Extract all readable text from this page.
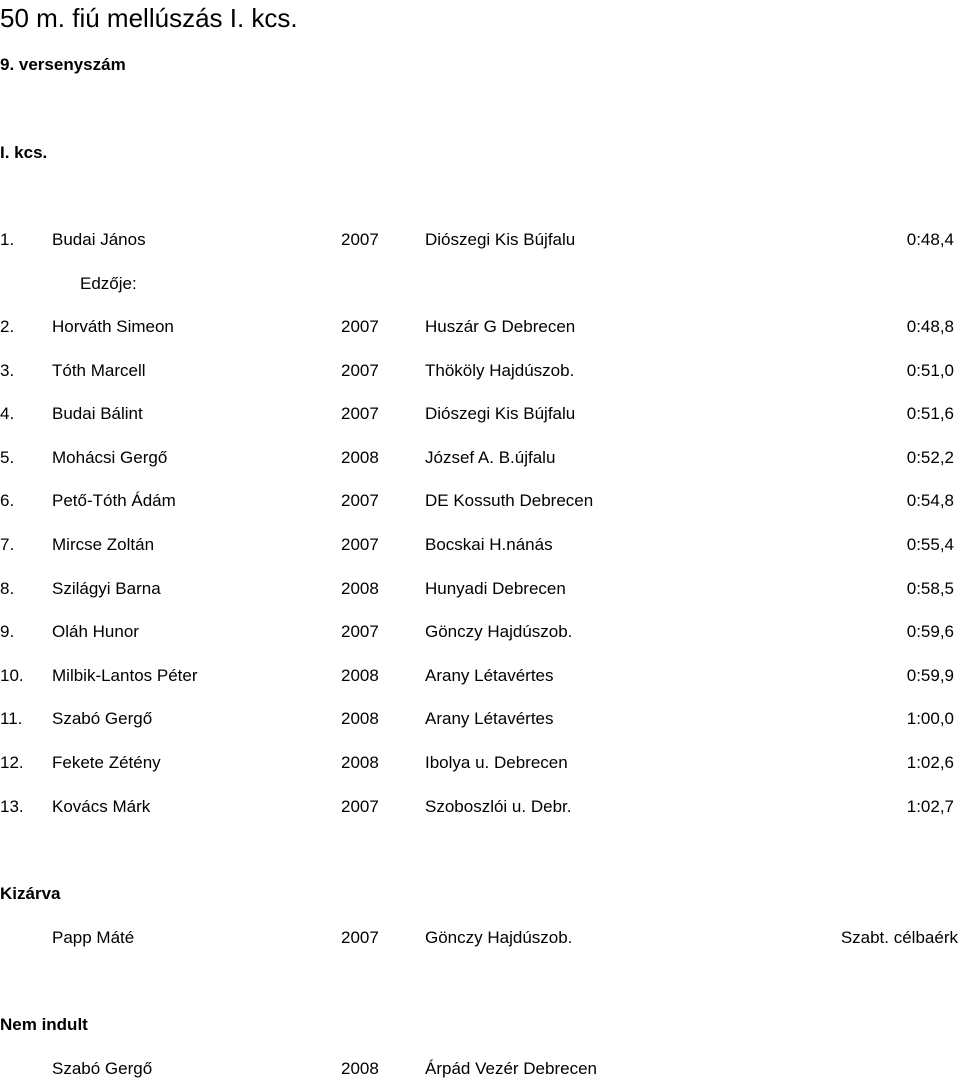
50 m. fiú mellúszás I. kcs.
9. versenyszám
I. kcs.
1. Budai János	2007	Diószegi Kis Bújfalu	0:48,4
Edzője:
2. Horváth Simeon	2007	Huszár G Debrecen	0:48,8
3. Tóth Marcell	2007	Thököly Hajdúszob.	0:51,0
4. Budai Bálint	2007	Diószegi Kis Bújfalu	0:51,6
5. Mohácsi Gergő	2008	József A. B.újfalu	0:52,2
6. Pető-Tóth Ádám	2007	DE Kossuth Debrecen	0:54,8
7. Mircse Zoltán	2007	Bocskai H.nánás	0:55,4
8. Szilágyi Barna	2008	Hunyadi Debrecen	0:58,5
9. Oláh Hunor	2007	Gönczy Hajdúszob.	0:59,6
10. Milbik-Lantos Péter	2008	Arany Létavértes	0:59,9
11. Szabó Gergő	2008	Arany Létavértes	1:00,0
12. Fekete Zétény	2008	Ibolya u. Debrecen	1:02,6
13. Kovács Márk	2007	Szoboszlói u. Debr.	1:02,7
Kizárva
Papp Máté	2007	Gönczy Hajdúszob.	Szabt. célbaérk
Nem indult
Szabó Gergő	2008	Árpád Vezér Debrecen
